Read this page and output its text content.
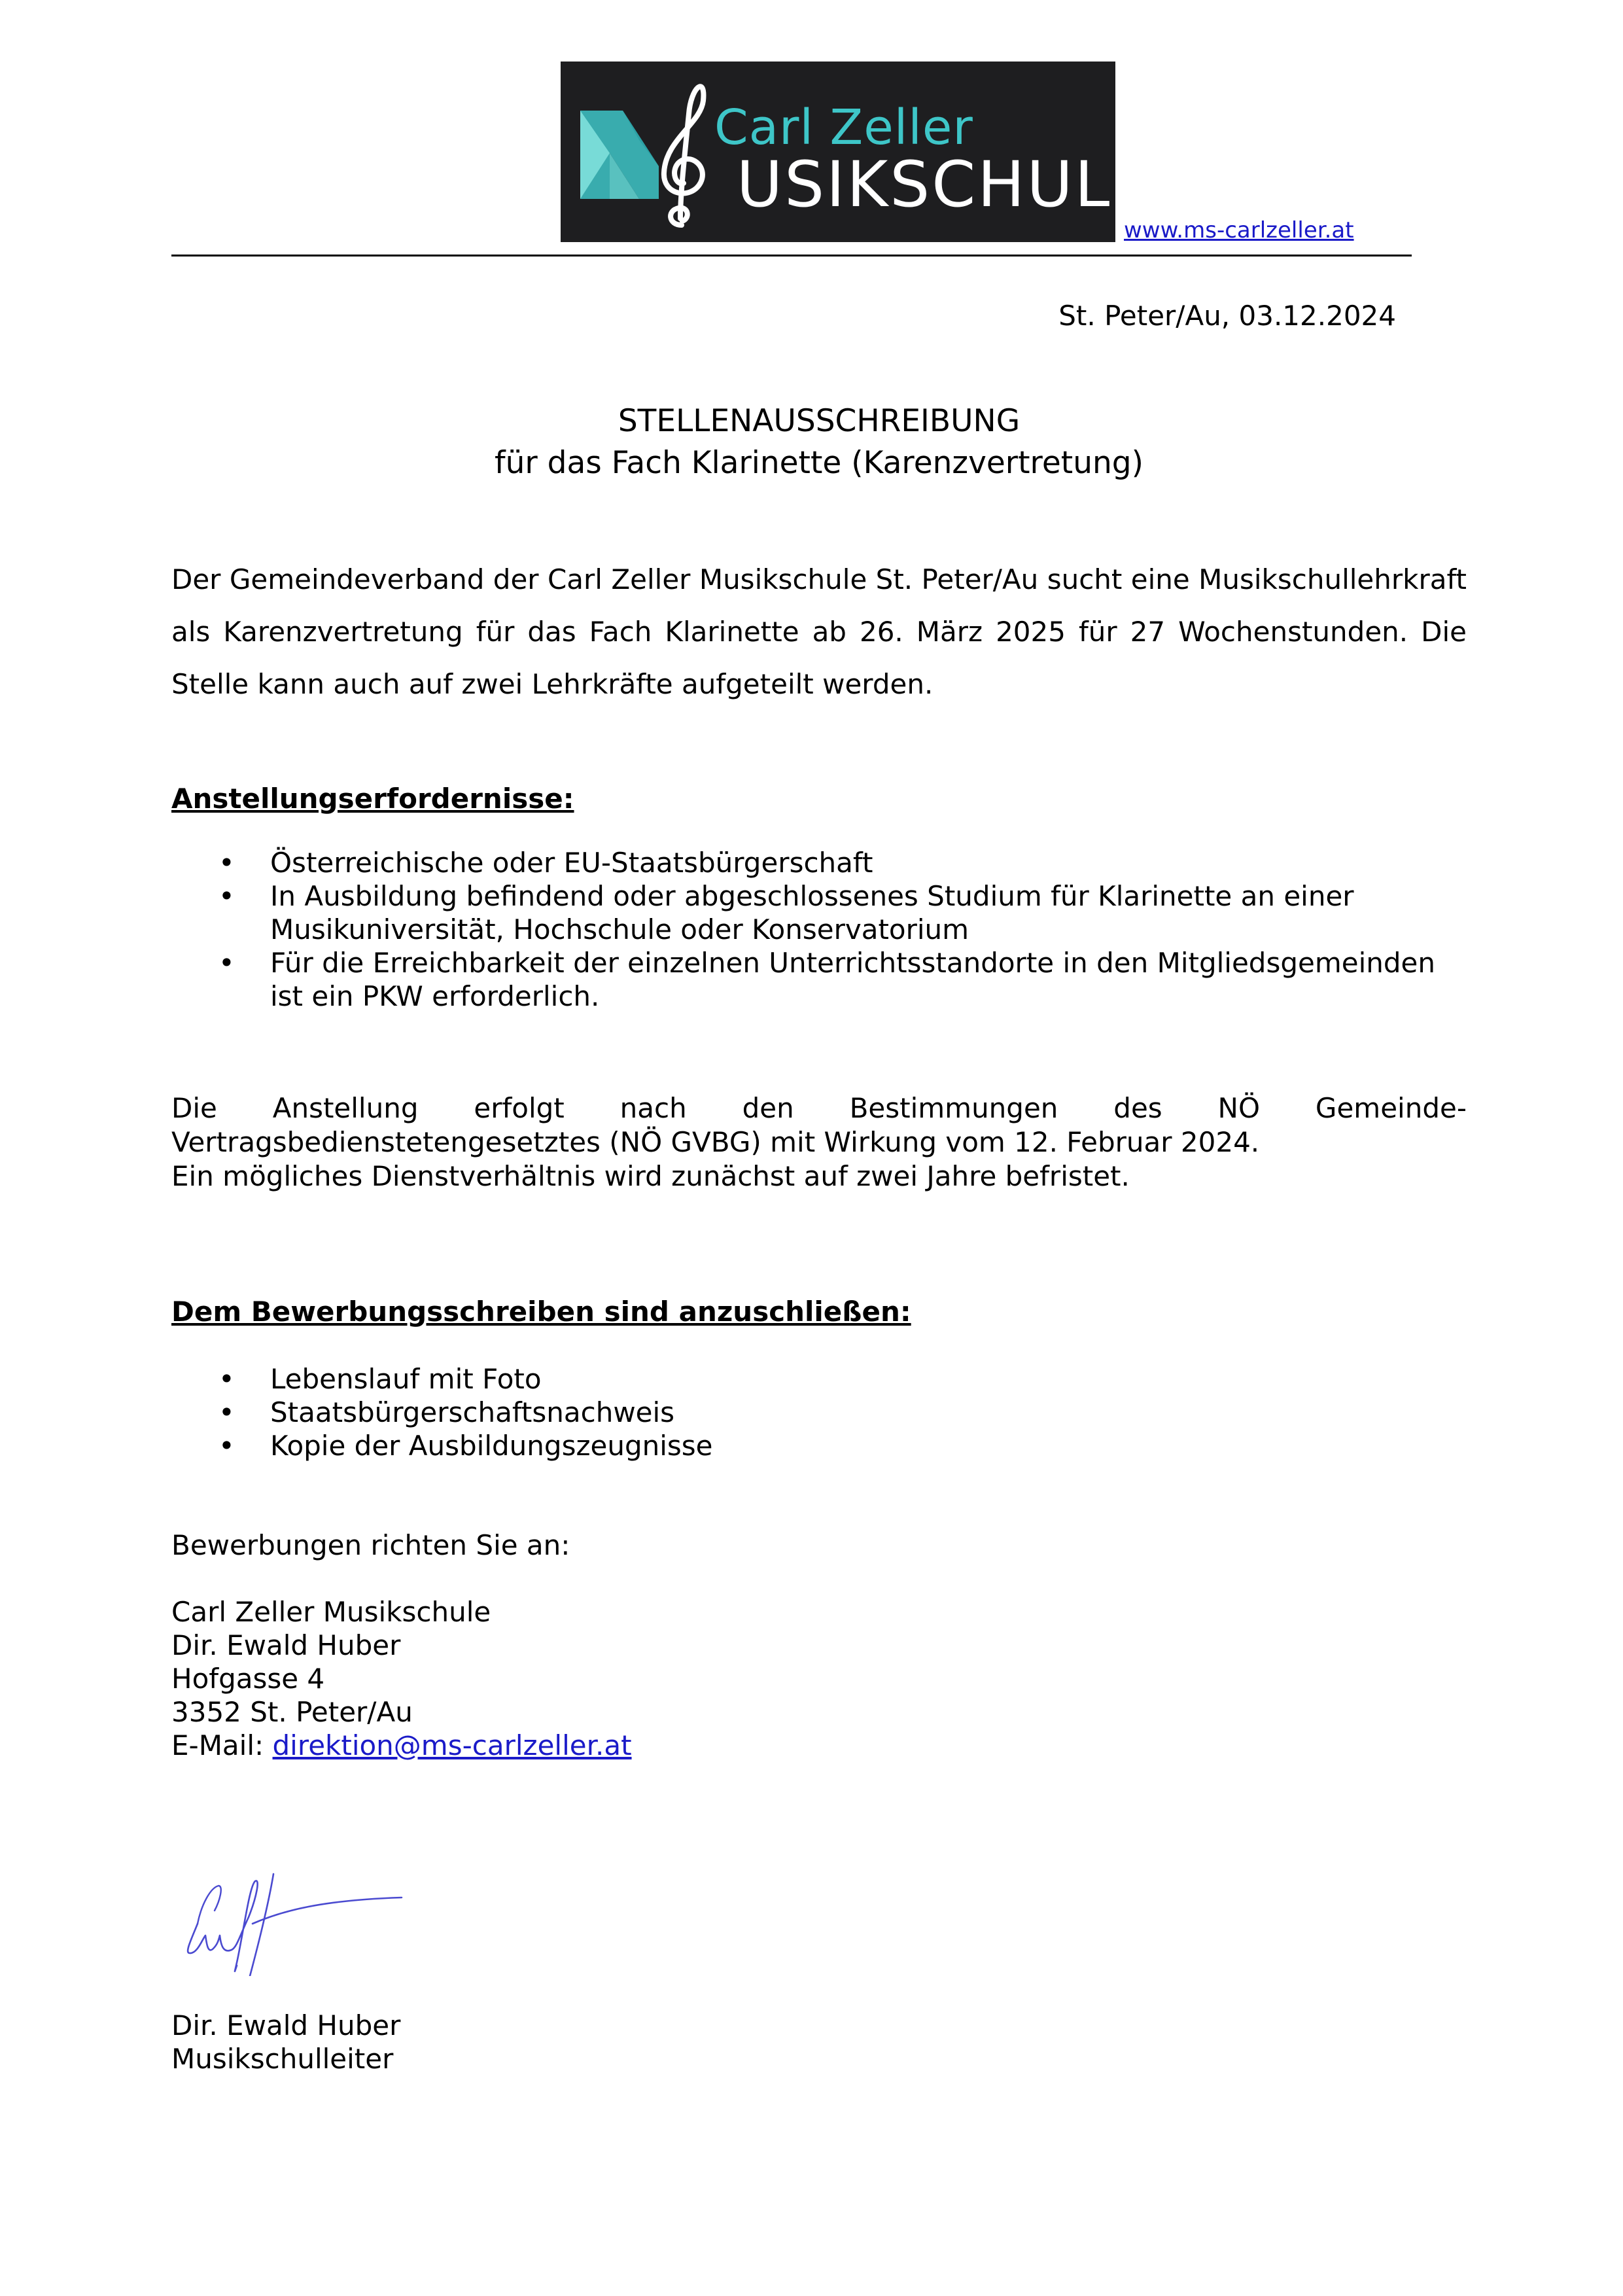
Carl Zeller
USIKSCHULE
www.ms-carlzeller.at
St. Peter/Au, 03.12.2024
STELLENAUSSCHREIBUNG
für das Fach Klarinette (Karenzvertretung)
Der Gemeindeverband der Carl Zeller Musikschule St. Peter/Au sucht eine Musikschullehrkraft als Karenzvertretung für das Fach Klarinette ab 26. März 2025 für 27 Wochenstunden. Die Stelle kann auch auf zwei Lehrkräfte aufgeteilt werden.
Anstellungserfordernisse:
• Österreichische oder EU-Staatsbürgerschaft
• In Ausbildung befindend oder abgeschlossenes Studium für Klarinette an einer Musikuniversität, Hochschule oder Konservatorium
• Für die Erreichbarkeit der einzelnen Unterrichtsstandorte in den Mitgliedsgemeinden ist ein PKW erforderlich.
Die Anstellung erfolgt nach den Bestimmungen des NÖ Gemeinde-Vertragsbedienstetengesetztes (NÖ GVBG) mit Wirkung vom 12. Februar 2024.
Ein mögliches Dienstverhältnis wird zunächst auf zwei Jahre befristet.
Dem Bewerbungsschreiben sind anzuschließen:
• Lebenslauf mit Foto
• Staatsbürgerschaftsnachweis
• Kopie der Ausbildungszeugnisse
Bewerbungen richten Sie an:
Carl Zeller Musikschule
Dir. Ewald Huber
Hofgasse 4
3352 St. Peter/Au
E-Mail: direktion@ms-carlzeller.at
Dir. Ewald Huber
Musikschulleiter
